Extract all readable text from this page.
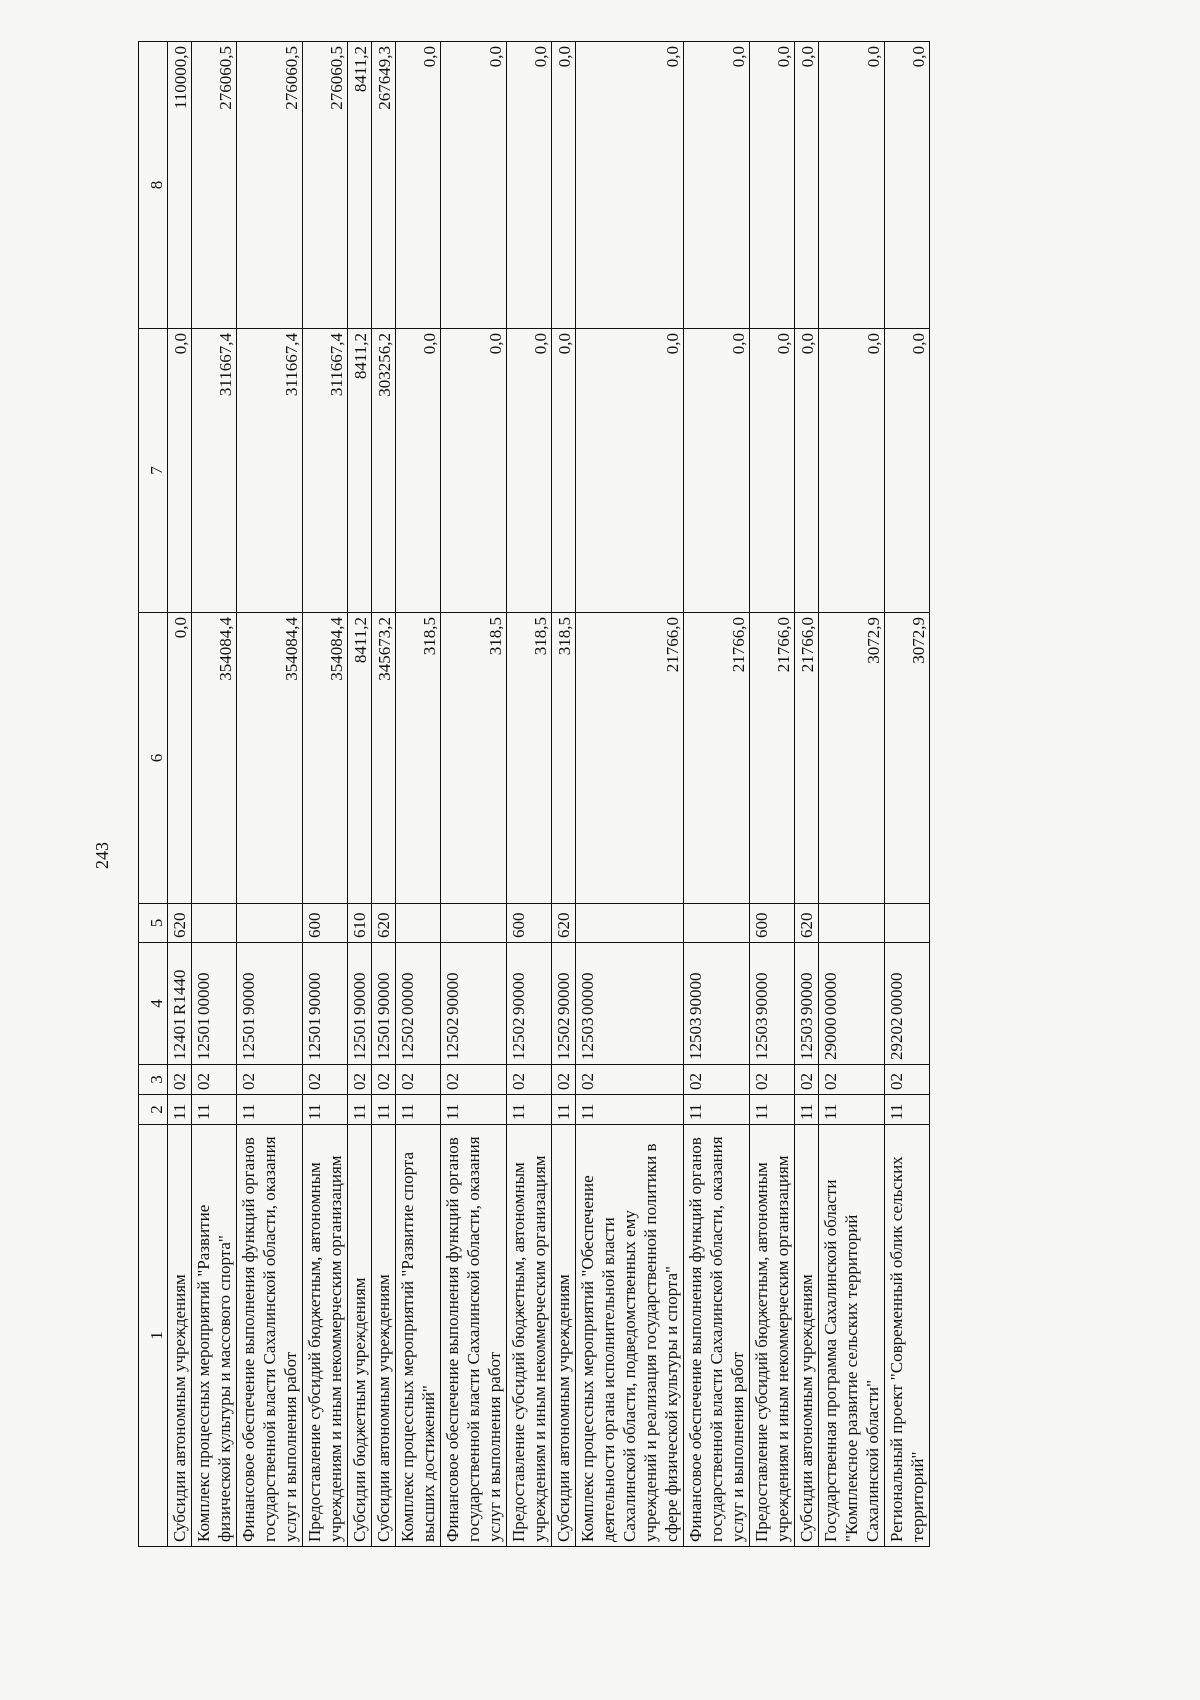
243
1	2	3	4	5	6	7	8
Субсидии автономным учреждениям	11	02	12401R1440	620	0,0	0,0	110000,0
Комплекс процессных мероприятий "Развитие физической культуры и массового спорта"	11	02	1250100000		354084,4	311667,4	276060,5
Финансовое обеспечение выполнения функций органов государственной власти Сахалинской области, оказания услуг и выполнения работ	11	02	1250190000		354084,4	311667,4	276060,5
Предоставление субсидий бюджетным, автономным учреждениям и иным некоммерческим организациям	11	02	1250190000	600	354084,4	311667,4	276060,5
Субсидии бюджетным учреждениям	11	02	1250190000	610	8411,2	8411,2	8411,2
Субсидии автономным учреждениям	11	02	1250190000	620	345673,2	303256,2	267649,3
Комплекс процессных мероприятий "Развитие спорта высших достижений"	11	02	1250200000		318,5	0,0	0,0
Финансовое обеспечение выполнения функций органов государственной власти Сахалинской области, оказания услуг и выполнения работ	11	02	1250290000		318,5	0,0	0,0
Предоставление субсидий бюджетным, автономным учреждениям и иным некоммерческим организациям	11	02	1250290000	600	318,5	0,0	0,0
Субсидии автономным учреждениям	11	02	1250290000	620	318,5	0,0	0,0
Комплекс процессных мероприятий "Обеспечение деятельности органа исполнительной власти Сахалинской области, подведомственных ему учреждений и реализация государственной политики в сфере физической культуры и спорта"	11	02	1250300000		21766,0	0,0	0,0
Финансовое обеспечение выполнения функций органов государственной власти Сахалинской области, оказания услуг и выполнения работ	11	02	1250390000		21766,0	0,0	0,0
Предоставление субсидий бюджетным, автономным учреждениям и иным некоммерческим организациям	11	02	1250390000	600	21766,0	0,0	0,0
Субсидии автономным учреждениям	11	02	1250390000	620	21766,0	0,0	0,0
Государственная программа Сахалинской области "Комплексное развитие сельских территорий Сахалинской области"	11	02	2900000000		3072,9	0,0	0,0
Региональный проект "Современный облик сельских территорий"	11	02	2920200000		3072,9	0,0	0,0
